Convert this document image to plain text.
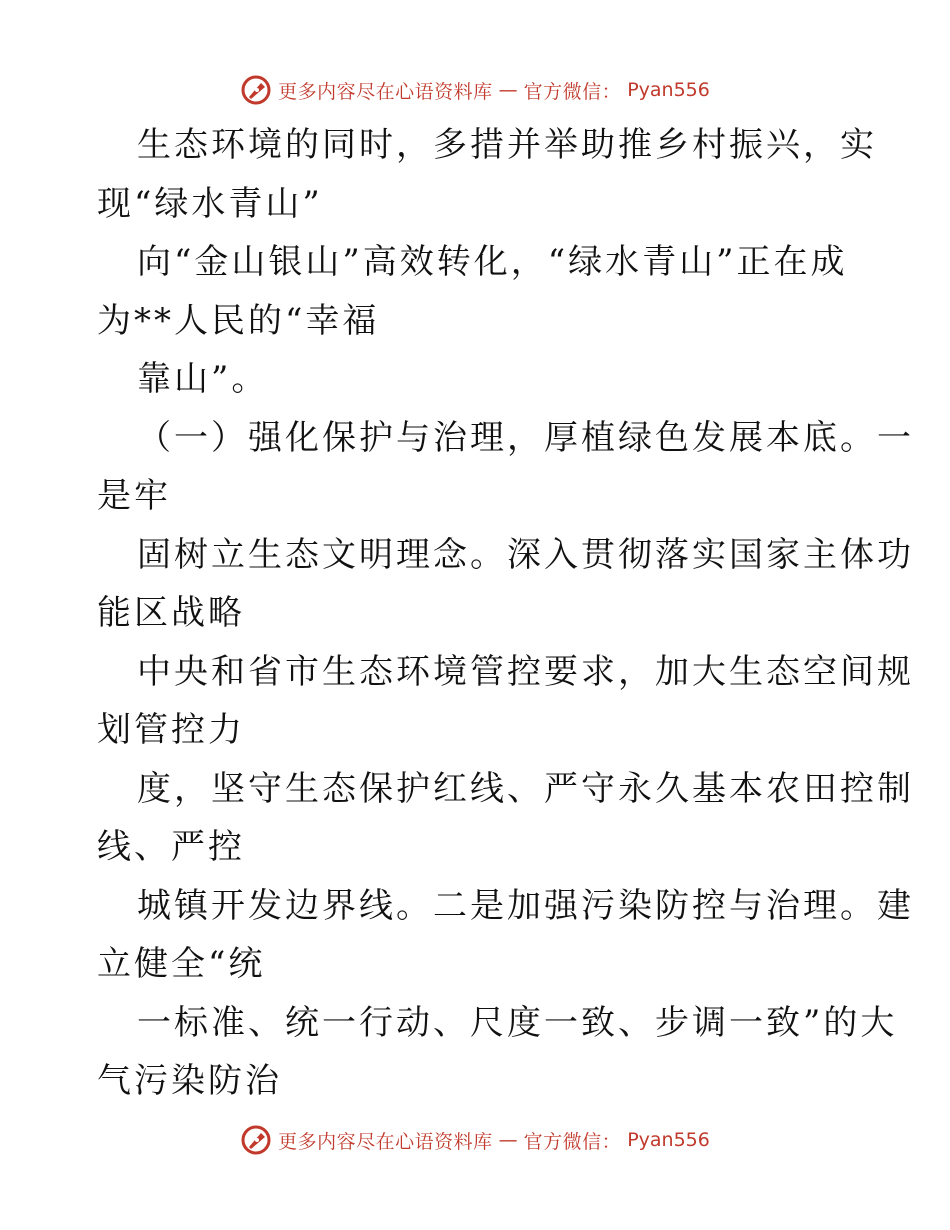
更多内容尽在心语资料库 — 官方微信： Pyan556
生态环境的同时，多措并举助推乡村振兴，实
现“绿水青山”
向“金山银山”高效转化，“绿水青山”正在成
为**人民的“幸福
靠山”。
（一）强化保护与治理，厚植绿色发展本底。一
是牢
固树立生态文明理念。深入贯彻落实国家主体功
能区战略
中央和省市生态环境管控要求，加大生态空间规
划管控力
度，坚守生态保护红线、严守永久基本农田控制
线、严控
城镇开发边界线。二是加强污染防控与治理。建
立健全“统
一标准、统一行动、尺度一致、步调一致”的大
气污染防治
更多内容尽在心语资料库 — 官方微信： Pyan556
